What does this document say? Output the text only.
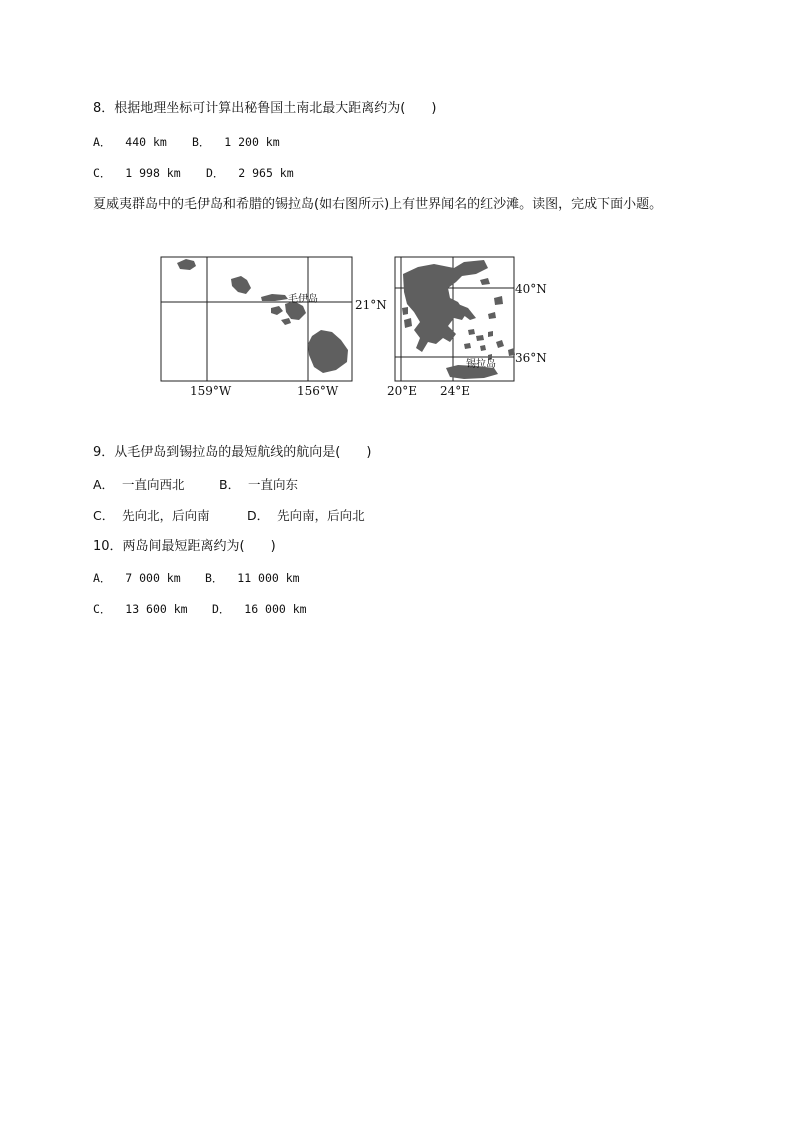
8．根据地理坐标可计算出秘鲁国土南北最大距离约为(　　)
A．  440 km B．  1 200 km
C．  1 998 km D．  2 965 km
夏威夷群岛中的毛伊岛和希腊的锡拉岛(如右图所示)上有世界闻名的红沙滩。读图，完成下面小题。
毛伊岛	21°N
159°W	156°W
锡拉岛
40°N
36°N
20°E 24°E
9．从毛伊岛到锡拉岛的最短航线的航向是(　　)
A．  一直向西北	B．  一直向东
C．  先向北，后向南	D．  先向南，后向北
10．两岛间最短距离约为(　　)
A．  7 000 km B．  11 000 km
C．  13 600 km D．  16 000 km
